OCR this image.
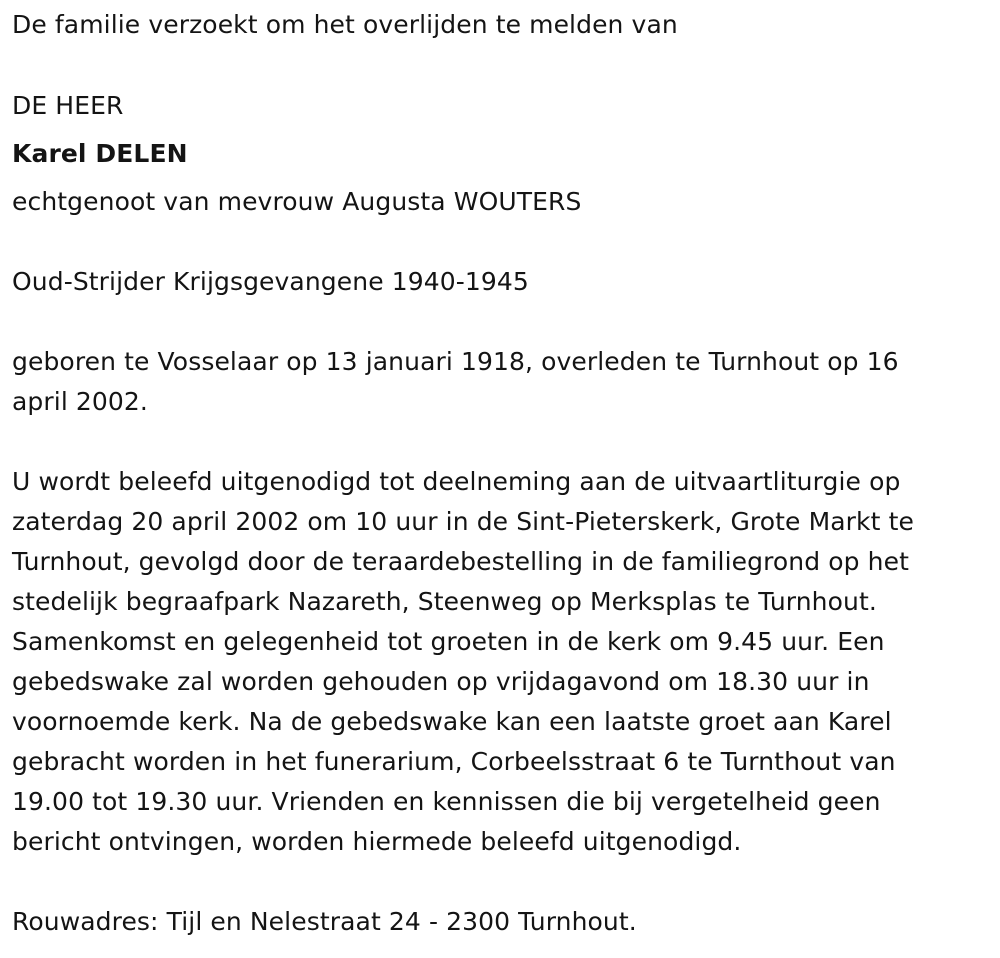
De familie verzoekt om het overlijden te melden van
DE HEER
Karel DELEN
echtgenoot van mevrouw Augusta WOUTERS
Oud-Strijder Krijgsgevangene 1940-1945
geboren te Vosselaar op 13 januari 1918, overleden te Turnhout op 16
april 2002.
U wordt beleefd uitgenodigd tot deelneming aan de uitvaartliturgie op
zaterdag 20 april 2002 om 10 uur in de Sint-Pieterskerk, Grote Markt te
Turnhout, gevolgd door de teraardebestelling in de familiegrond op het
stedelijk begraafpark Nazareth, Steenweg op Merksplas te Turnhout.
Samenkomst en gelegenheid tot groeten in de kerk om 9.45 uur. Een
gebedswake zal worden gehouden op vrijdagavond om 18.30 uur in
voornoemde kerk. Na de gebedswake kan een laatste groet aan Karel
gebracht worden in het funerarium, Corbeelsstraat 6 te Turnthout van
19.00 tot 19.30 uur. Vrienden en kennissen die bij vergetelheid geen
bericht ontvingen, worden hiermede beleefd uitgenodigd.
Rouwadres: Tijl en Nelestraat 24 - 2300 Turnhout.
